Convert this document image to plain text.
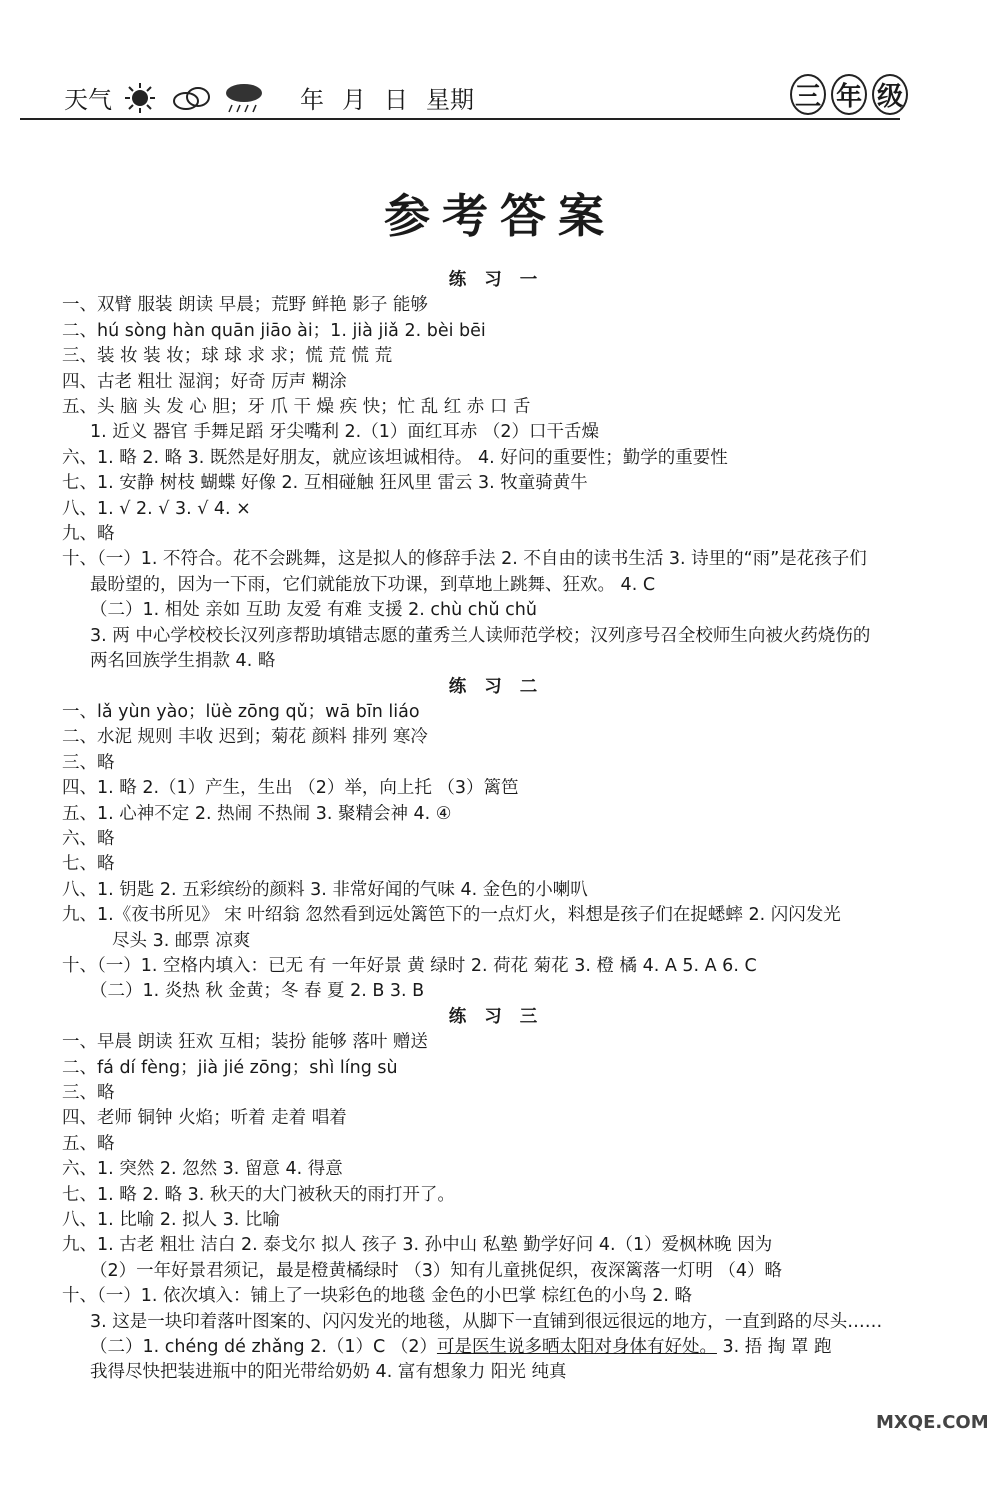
天气	年 月 日 星期	三 年 级
参考答案
练习一
一、双臂 服装 朗读 早晨；荒野 鲜艳 影子 能够
二、hú sòng hàn quān jiāo ài；1. jià jiǎ 2. bèi bēi
三、装 妆 装 妆；球 球 求 求；慌 荒 慌 荒
四、古老 粗壮 湿润；好奇 厉声 糊涂
五、头 脑 头 发 心 胆；牙 爪 干 燥 疾 快；忙 乱 红 赤 口 舌
1. 近义 器官 手舞足蹈 牙尖嘴利 2.（1）面红耳赤 （2）口干舌燥
六、1. 略 2. 略 3. 既然是好朋友，就应该坦诚相待。 4. 好问的重要性；勤学的重要性
七、1. 安静 树枝 蝴蝶 好像 2. 互相碰触 狂风里 雷云 3. 牧童骑黄牛
八、1. √ 2. √ 3. √ 4. ×
九、略
十、（一）1. 不符合。花不会跳舞，这是拟人的修辞手法 2. 不自由的读书生活 3. 诗里的“雨”是花孩子们
最盼望的，因为一下雨，它们就能放下功课，到草地上跳舞、狂欢。 4. C
（二）1. 相处 亲如 互助 友爱 有难 支援 2. chù chǔ chǔ
3. 两 中心学校校长汉列彦帮助填错志愿的董秀兰人读师范学校；汉列彦号召全校师生向被火药烧伤的
两名回族学生捐款 4. 略
练习二
一、lǎ yùn yào；lüè zōng qǔ；wā bīn liáo
二、水泥 规则 丰收 迟到；菊花 颜料 排列 寒冷
三、略
四、1. 略 2.（1）产生，生出 （2）举，向上托 （3）篱笆
五、1. 心神不定 2. 热闹 不热闹 3. 聚精会神 4. ④
六、略
七、略
八、1. 钥匙 2. 五彩缤纷的颜料 3. 非常好闻的气味 4. 金色的小喇叭
九、1.《夜书所见》 宋 叶绍翁 忽然看到远处篱笆下的一点灯火，料想是孩子们在捉蟋蟀 2. 闪闪发光
尽头 3. 邮票 凉爽
十、（一）1. 空格内填入：已无 有 一年好景 黄 绿时 2. 荷花 菊花 3. 橙 橘 4. A 5. A 6. C
（二）1. 炎热 秋 金黄；冬 春 夏 2. B 3. B
练习三
一、早晨 朗读 狂欢 互相；装扮 能够 落叶 赠送
二、fá dí fèng；jià jié zōng；shì líng sù
三、略
四、老师 铜钟 火焰；听着 走着 唱着
五、略
六、1. 突然 2. 忽然 3. 留意 4. 得意
七、1. 略 2. 略 3. 秋天的大门被秋天的雨打开了。
八、1. 比喻 2. 拟人 3. 比喻
九、1. 古老 粗壮 洁白 2. 泰戈尔 拟人 孩子 3. 孙中山 私塾 勤学好问 4.（1）爱枫林晚 因为
（2）一年好景君须记，最是橙黄橘绿时 （3）知有儿童挑促织，夜深篱落一灯明 （4）略
十、（一）1. 依次填入：铺上了一块彩色的地毯 金色的小巴掌 棕红色的小鸟 2. 略
3. 这是一块印着落叶图案的、闪闪发光的地毯，从脚下一直铺到很远很远的地方，一直到路的尽头……
（二）1. chéng dé zhǎng 2.（1）C （2）可是医生说多晒太阳对身体有好处。 3. 捂 掏 罩 跑
我得尽快把装进瓶中的阳光带给奶奶 4. 富有想象力 阳光 纯真
MXQE.COM
